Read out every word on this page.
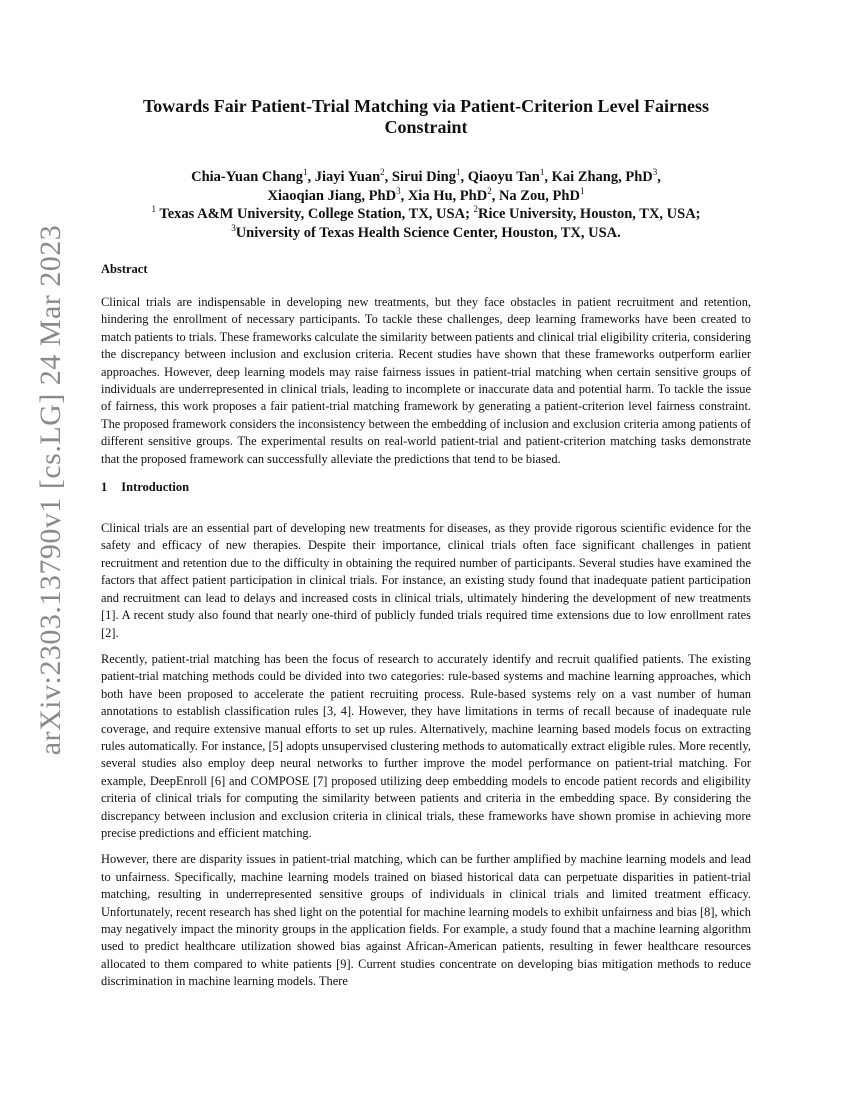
arXiv:2303.13790v1 [cs.LG] 24 Mar 2023
Towards Fair Patient-Trial Matching via Patient-Criterion Level Fairness Constraint
Chia-Yuan Chang$^1$, Jiayi Yuan$^2$, Sirui Ding$^1$, Qiaoyu Tan$^1$, Kai Zhang, PhD$^3$,
Xiaoqian Jiang, PhD$^3$, Xia Hu, PhD$^2$, Na Zou, PhD$^1$
$^1$ Texas A&M University, College Station, TX, USA; $^2$Rice University, Houston, TX, USA;
$^3$University of Texas Health Science Center, Houston, TX, USA.
Abstract

Clinical trials are indispensable in developing new treatments, but they face obstacles in patient recruitment and retention, hindering the enrollment of necessary participants. To tackle these challenges, deep learning frameworks have been created to match patients to trials. These frameworks calculate the similarity between patients and clinical trial eligibility criteria, considering the discrepancy between inclusion and exclusion criteria. Recent studies have shown that these frameworks outperform earlier approaches. However, deep learning models may raise fairness issues in patient-trial matching when certain sensitive groups of individuals are underrepresented in clinical trials, leading to incomplete or inaccurate data and potential harm. To tackle the issue of fairness, this work proposes a fair patient-trial matching framework by generating a patient-criterion level fairness constraint. The proposed framework considers the inconsistency between the embedding of inclusion and exclusion criteria among patients of different sensitive groups. The experimental results on real-world patient-trial and patient-criterion matching tasks demonstrate that the proposed framework can successfully alleviate the predictions that tend to be biased.

1 Introduction

Clinical trials are an essential part of developing new treatments for diseases, as they provide rigorous scientific evidence for the safety and efficacy of new therapies. Despite their importance, clinical trials often face significant challenges in patient recruitment and retention due to the difficulty in obtaining the required number of participants. Several studies have examined the factors that affect patient participation in clinical trials. For instance, an existing study found that inadequate patient participation and recruitment can lead to delays and increased costs in clinical trials, ultimately hindering the development of new treatments [1]. A recent study also found that nearly one-third of publicly funded trials required time extensions due to low enrollment rates [2].

Recently, patient-trial matching has been the focus of research to accurately identify and recruit qualified patients. The existing patient-trial matching methods could be divided into two categories: rule-based systems and machine learning approaches, which both have been proposed to accelerate the patient recruiting process. Rule-based systems rely on a vast number of human annotations to establish classification rules [3, 4]. However, they have limitations in terms of recall because of inadequate rule coverage, and require extensive manual efforts to set up rules. Alternatively, machine learning based models focus on extracting rules automatically. For instance, [5] adopts unsupervised clustering methods to automatically extract eligible rules. More recently, several studies also employ deep neural networks to further improve the model performance on patient-trial matching. For example, DeepEnroll [6] and COMPOSE [7] proposed utilizing deep embedding models to encode patient records and eligibility criteria of clinical trials for computing the similarity between patients and criteria in the embedding space. By considering the discrepancy between inclusion and exclusion criteria in clinical trials, these frameworks have shown promise in achieving more precise predictions and efficient matching.

However, there are disparity issues in patient-trial matching, which can be further amplified by machine learning models and lead to unfairness. Specifically, machine learning models trained on biased historical data can perpetuate disparities in patient-trial matching, resulting in underrepresented sensitive groups of individuals in clinical trials and limited treatment efficacy. Unfortunately, recent research has shed light on the potential for machine learning models to exhibit unfairness and bias [8], which may negatively impact the minority groups in the application fields. For example, a study found that a machine learning algorithm used to predict healthcare utilization showed bias against African-American patients, resulting in fewer healthcare resources allocated to them compared to white patients [9]. Current studies concentrate on developing bias mitigation methods to reduce discrimination in machine learning models. There
